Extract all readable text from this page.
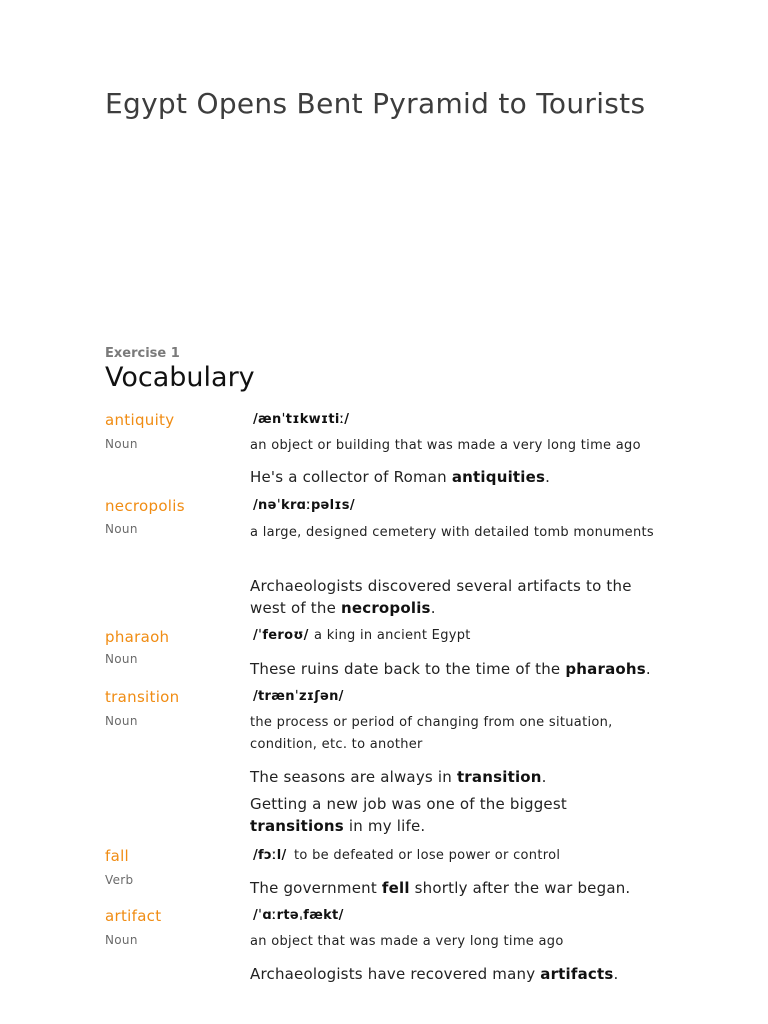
Egypt Opens Bent Pyramid to Tourists
Exercise 1
Vocabulary
antiquity	/ænˈtɪkwɪtiː/
Noun	an object or building that was made a very long time ago
He's a collector of Roman antiquities.
necropolis	/nəˈkrɑːpəlɪs/
Noun	a large, designed cemetery with detailed tomb monuments
Archaeologists discovered several artifacts to the west of the necropolis.
pharaoh	/ˈferoʊ/ a king in ancient Egypt
Noun
These ruins date back to the time of the pharaohs.
transition	/trænˈzɪʃən/
Noun	the process or period of changing from one situation, condition, etc. to another
The seasons are always in transition.
Getting a new job was one of the biggest transitions in my life.
fall	/fɔːl/ to be defeated or lose power or control
Verb	The government fell shortly after the war began.
artifact	/ˈɑːrtəˌfækt/
Noun	an object that was made a very long time ago
Archaeologists have recovered many artifacts.
